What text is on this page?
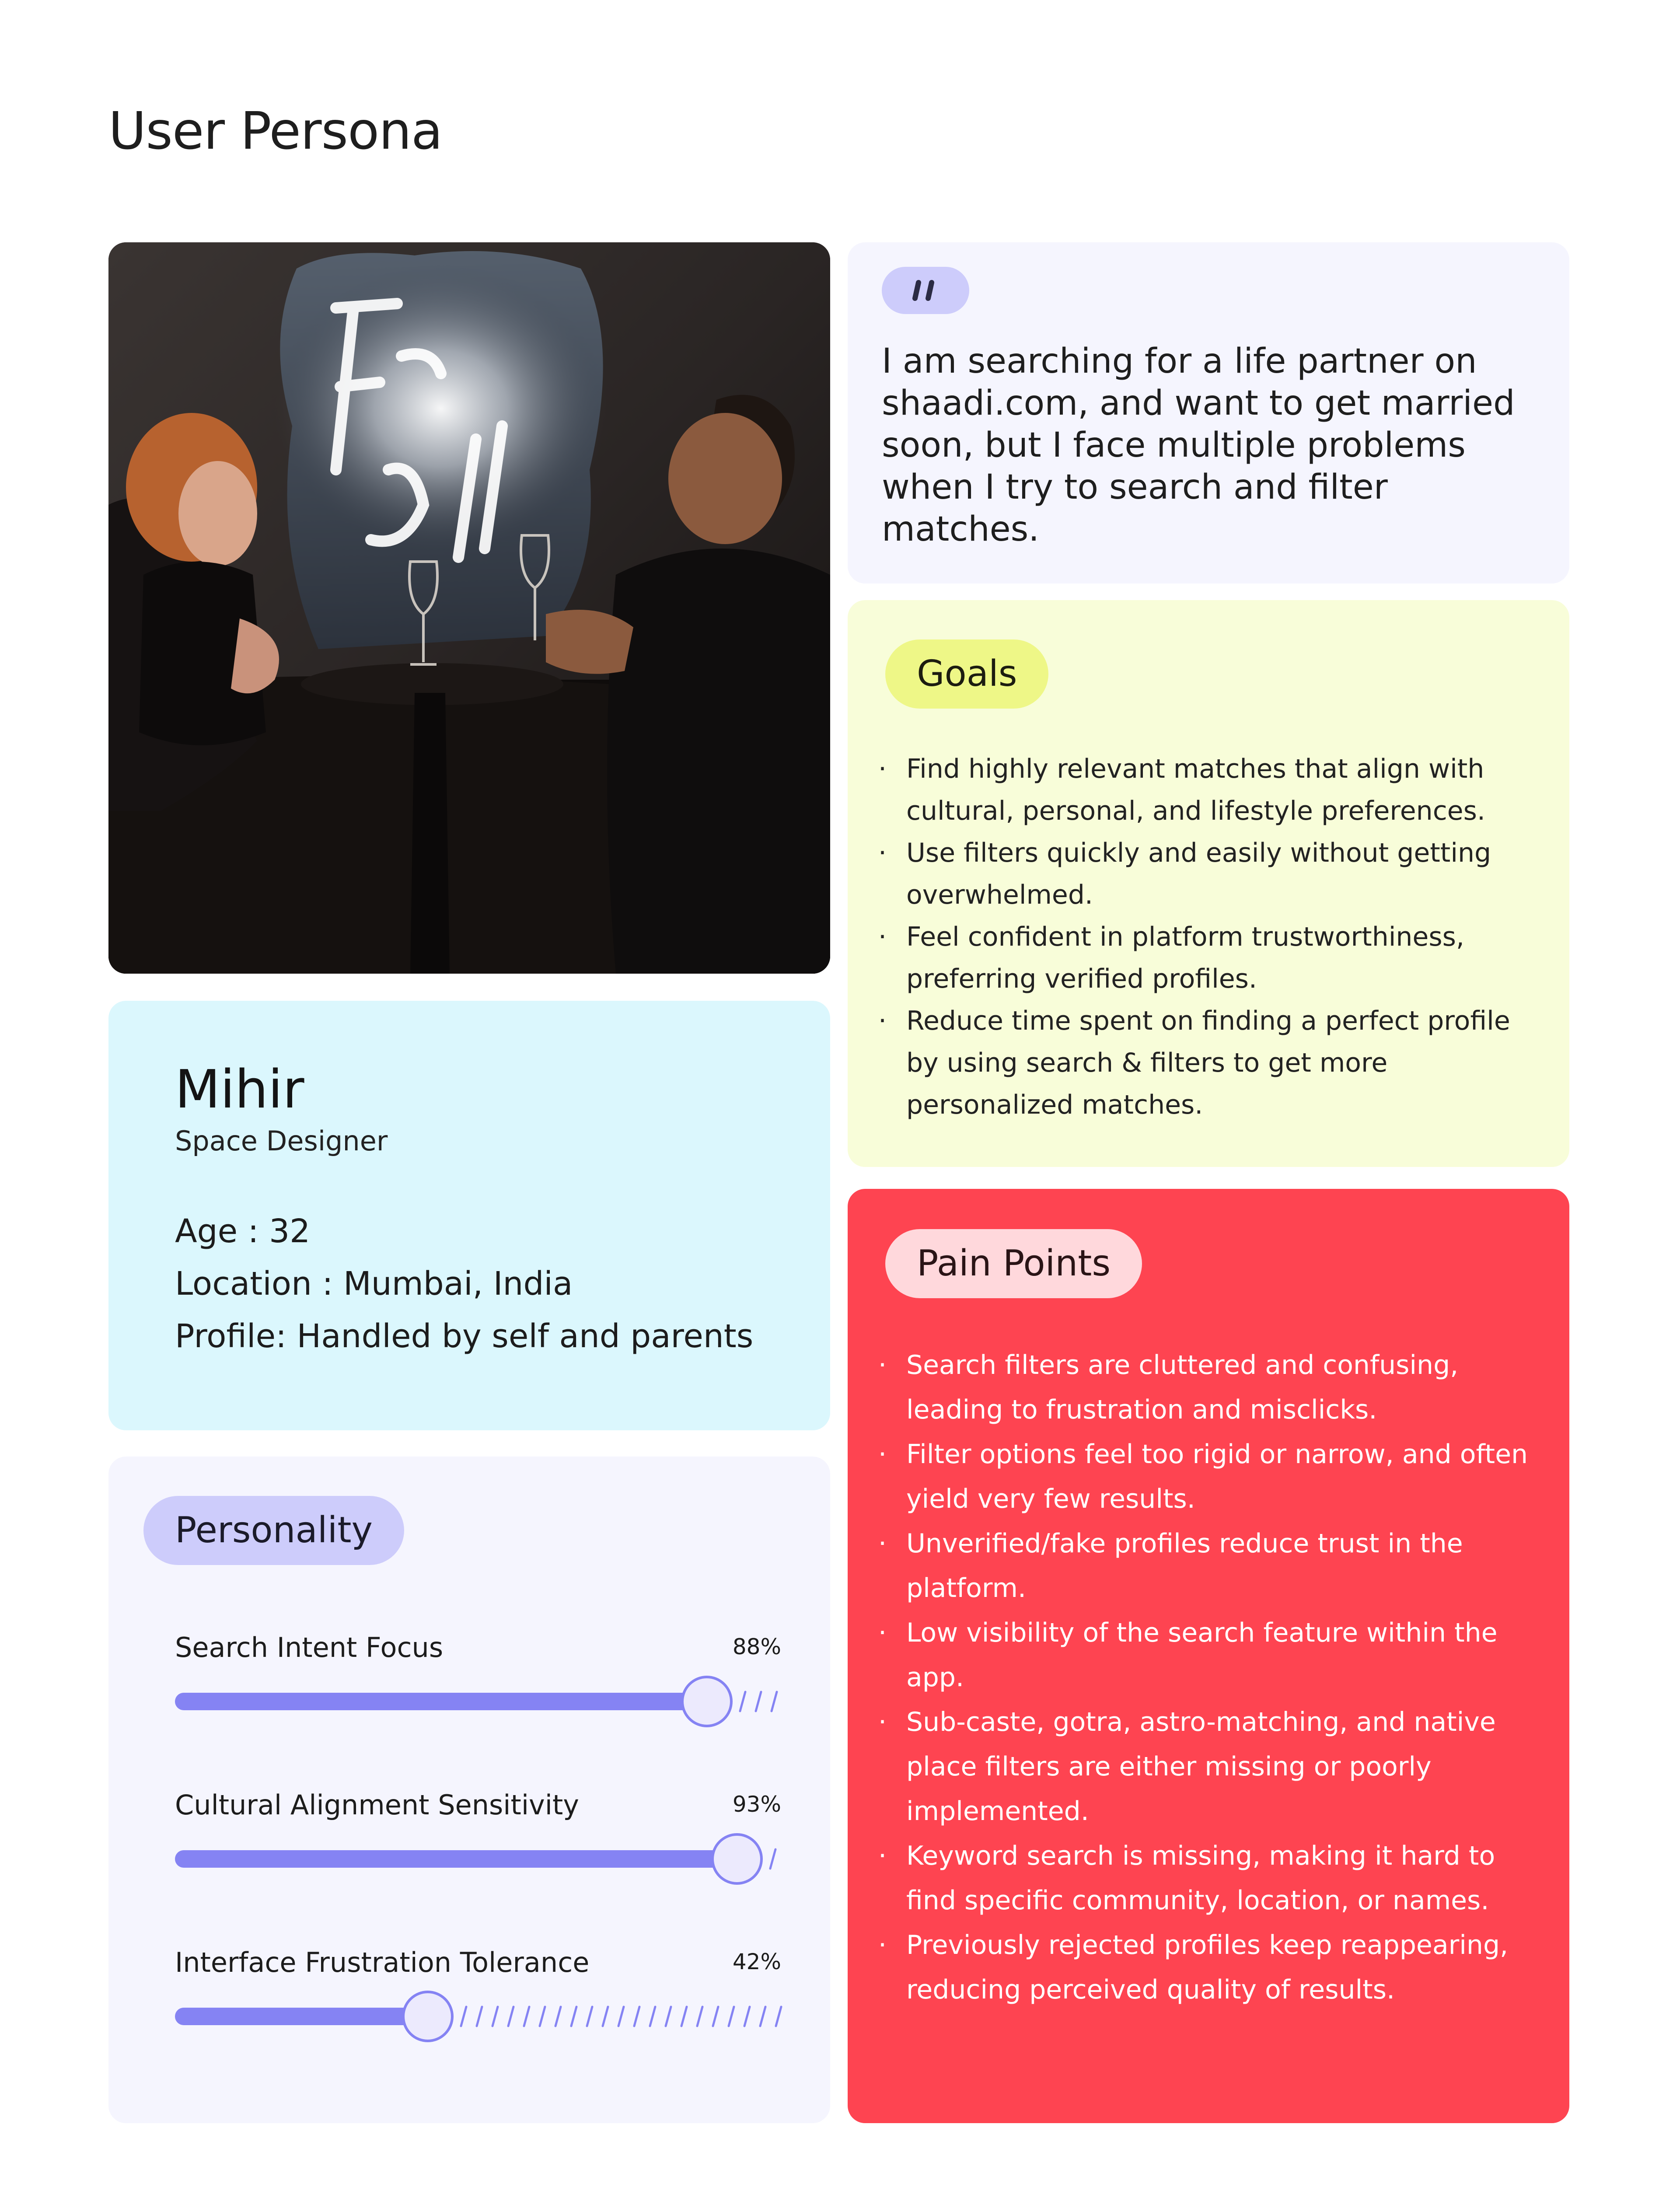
User Persona
Mihir
Space Designer
Age : 32
Location : Mumbai, India
Profile: Handled by self and parents
Personality
Search Intent Focus	88%
Cultural Alignment Sensitivity	93%
Interface Frustration Tolerance	42%

I am searching for a life partner on shaadi.com, and want to get married soon, but I face multiple problems when I try to search and filter matches.

Goals
· Find highly relevant matches that align with cultural, personal, and lifestyle preferences.
· Use filters quickly and easily without getting overwhelmed.
· Feel confident in platform trustworthiness, preferring verified profiles.
· Reduce time spent on finding a perfect profile by using search & filters to get more personalized matches.
Pain Points
· Search filters are cluttered and confusing, leading to frustration and misclicks.
· Filter options feel too rigid or narrow, and often yield very few results.
· Unverified/fake profiles reduce trust in the platform.
· Low visibility of the search feature within the app.
· Sub-caste, gotra, astro-matching, and native place filters are either missing or poorly implemented.
· Keyword search is missing, making it hard to find specific community, location, or names.
· Previously rejected profiles keep reappearing, reducing perceived quality of results.
